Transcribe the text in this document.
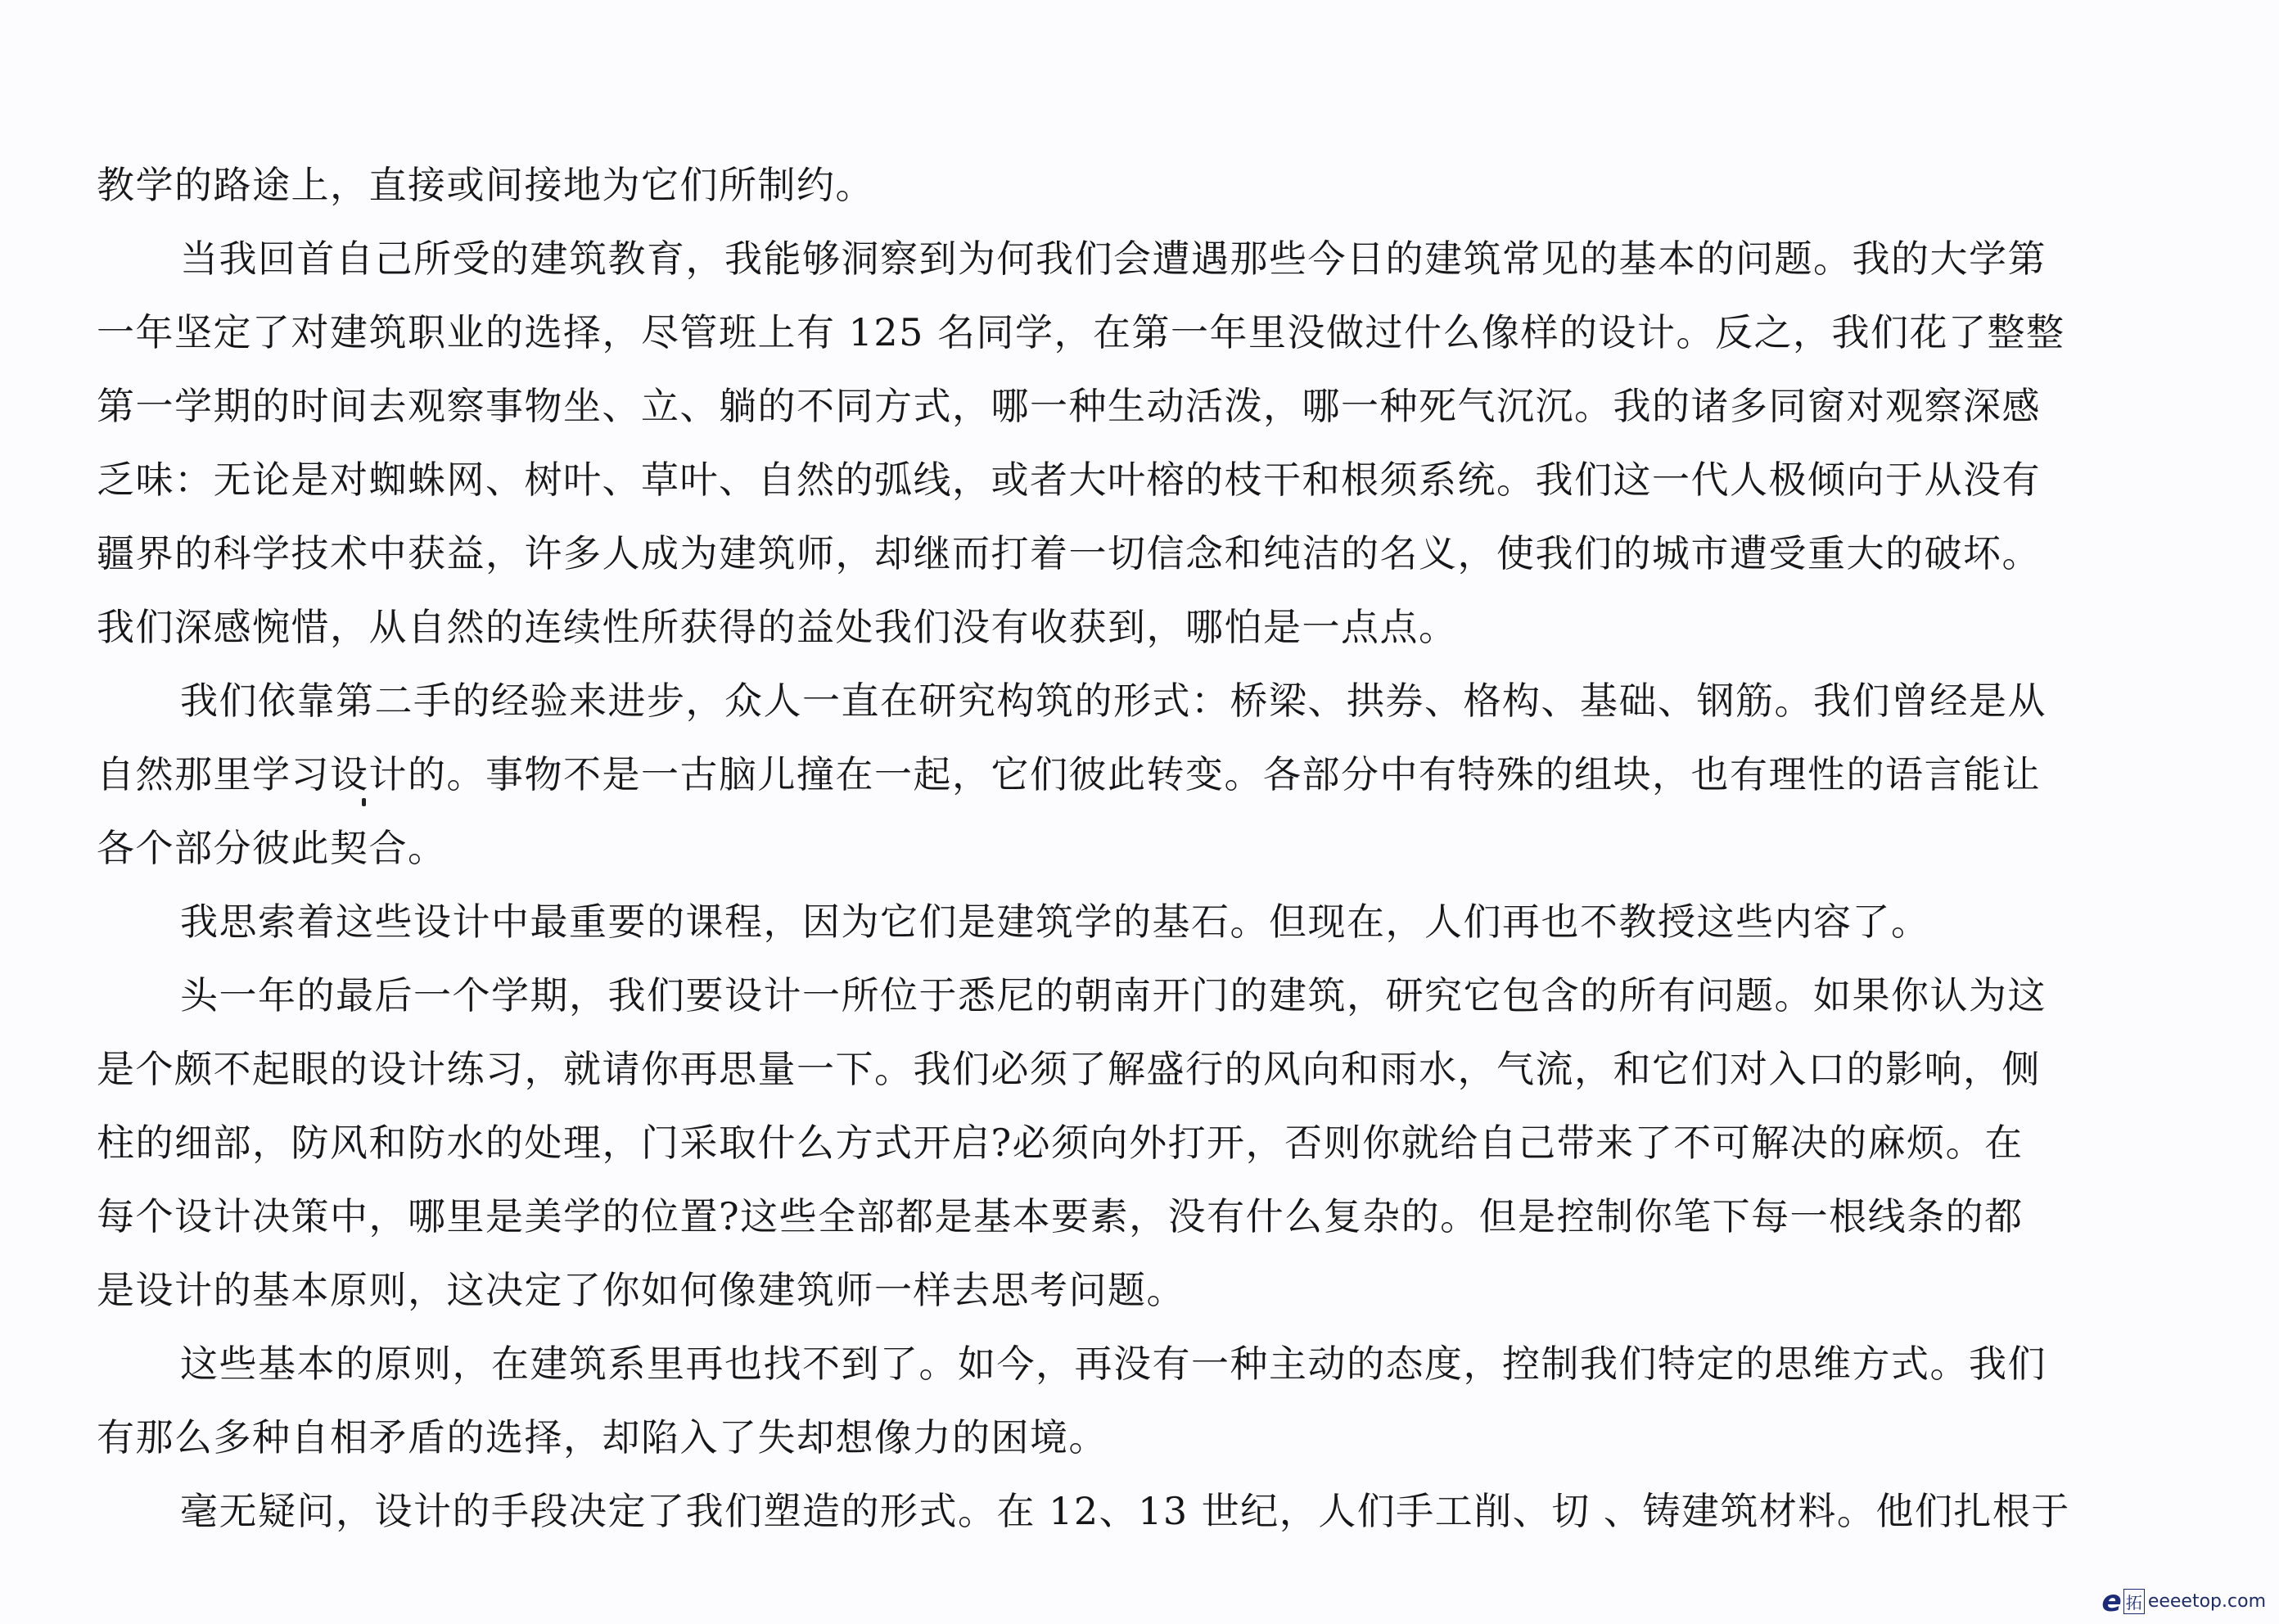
教学的路途上，直接或间接地为它们所制约。
当我回首自己所受的建筑教育，我能够洞察到为何我们会遭遇那些今日的建筑常见的基本的问题。我的大学第
一年坚定了对建筑职业的选择，尽管班上有 125 名同学，在第一年里没做过什么像样的设计。反之，我们花了整整
第一学期的时间去观察事物坐、立、躺的不同方式，哪一种生动活泼，哪一种死气沉沉。我的诸多同窗对观察深感
乏味：无论是对蜘蛛网、树叶、草叶、自然的弧线，或者大叶榕的枝干和根须系统。我们这一代人极倾向于从没有
疆界的科学技术中获益，许多人成为建筑师，却继而打着一切信念和纯洁的名义，使我们的城市遭受重大的破坏。
我们深感惋惜，从自然的连续性所获得的益处我们没有收获到，哪怕是一点点。
我们依靠第二手的经验来进步，众人一直在研究构筑的形式：桥梁、拱券、格构、基础、钢筋。我们曾经是从
自然那里学习设计的。事物不是一古脑儿撞在一起，它们彼此转变。各部分中有特殊的组块，也有理性的语言能让
各个部分彼此契合。
我思索着这些设计中最重要的课程，因为它们是建筑学的基石。但现在，人们再也不教授这些内容了。
头一年的最后一个学期，我们要设计一所位于悉尼的朝南开门的建筑，研究它包含的所有问题。如果你认为这
是个颇不起眼的设计练习，就请你再思量一下。我们必须了解盛行的风向和雨水，气流，和它们对入口的影响，侧
柱的细部，防风和防水的处理，门采取什么方式开启?必须向外打开，否则你就给自己带来了不可解决的麻烦。在
每个设计决策中，哪里是美学的位置?这些全部都是基本要素，没有什么复杂的。但是控制你笔下每一根线条的都
是设计的基本原则，这决定了你如何像建筑师一样去思考问题。
这些基本的原则，在建筑系里再也找不到了。如今，再没有一种主动的态度，控制我们特定的思维方式。我们
有那么多种自相矛盾的选择，却陷入了失却想像力的困境。
毫无疑问，设计的手段决定了我们塑造的形式。在 12、13 世纪，人们手工削、切 、铸建筑材料。他们扎根于
e 拓 eeeetop.com
